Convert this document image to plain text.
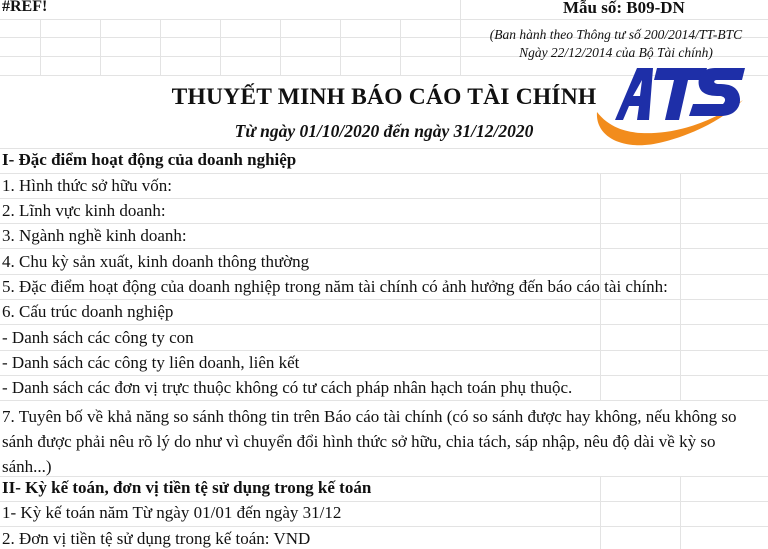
#REF!	Mẫu số: B09-DN
(Ban hành theo Thông tư số 200/2014/TT-BTC
Ngày 22/12/2014 của Bộ Tài chính)
THUYẾT MINH BÁO CÁO TÀI CHÍNH
Từ ngày 01/10/2020 đến ngày 31/12/2020
I- Đặc điểm hoạt động của doanh nghiệp
1. Hình thức sở hữu vốn:
2. Lĩnh vực kinh doanh:
3. Ngành nghề kinh doanh:
4. Chu kỳ sản xuất, kinh doanh thông thường
5. Đặc điểm hoạt động của doanh nghiệp trong năm tài chính có ảnh hưởng đến báo cáo tài chính:
6. Cấu trúc doanh nghiệp
- Danh sách các công ty con
- Danh sách các công ty liên doanh, liên kết
- Danh sách các đơn vị trực thuộc không có tư cách pháp nhân hạch toán phụ thuộc.
7. Tuyên bố về khả năng so sánh thông tin trên Báo cáo tài chính (có so sánh được hay không, nếu không so sánh được phải nêu rõ lý do như vì chuyển đổi hình thức sở hữu, chia tách, sáp nhập, nêu độ dài về kỳ so sánh...)
II- Kỳ kế toán, đơn vị tiền tệ sử dụng trong kế toán
1- Kỳ kế toán năm Từ ngày 01/01 đến ngày 31/12
2. Đơn vị tiền tệ sử dụng trong kế toán: VND
